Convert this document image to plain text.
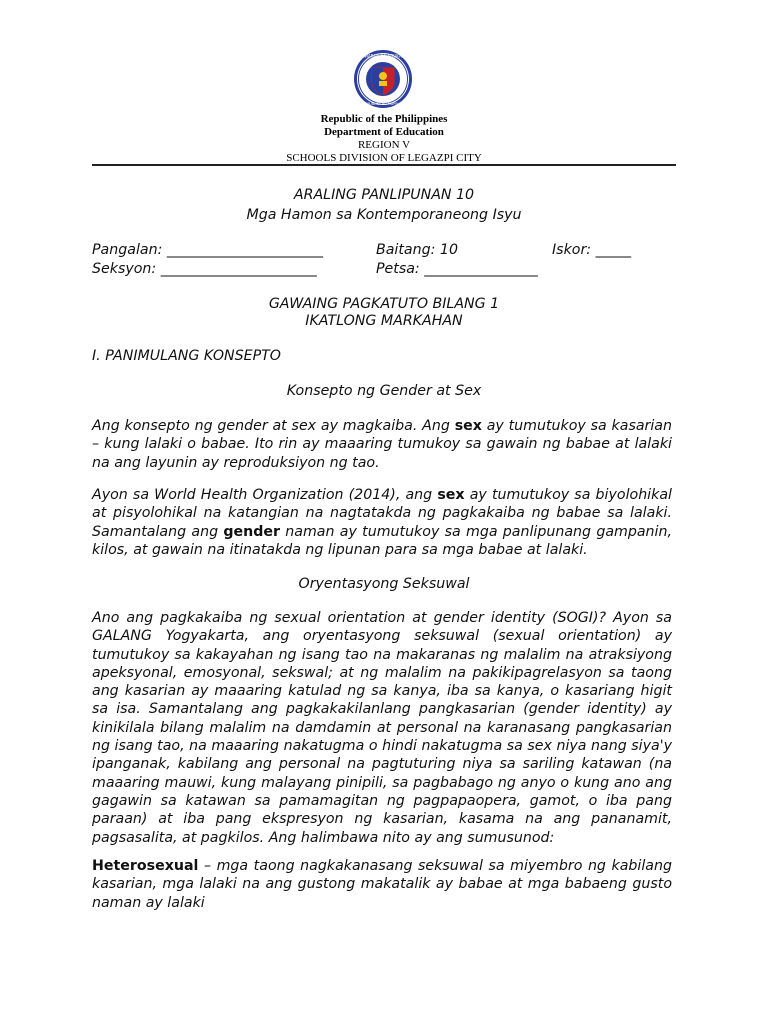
KAGAWARAN NG EDUKASYON
REPUBLIKA NG PILIPINAS
Republic of the Philippines
Department of Education
REGION V
SCHOOLS DIVISION OF LEGAZPI CITY
ARALING PANLIPUNAN 10
Mga Hamon sa Kontemporaneong Isyu
Pangalan: ______________________	Baitang: 10	Iskor: _____
Seksyon: ______________________	Petsa: ________________
GAWAING PAGKATUTO BILANG 1
IKATLONG MARKAHAN
I. PANIMULANG KONSEPTO
Konsepto ng Gender at Sex
Ang konsepto ng gender at sex ay magkaiba. Ang sex ay tumutukoy sa kasarian – kung lalaki o babae. Ito rin ay maaaring tumukoy sa gawain ng babae at lalaki na ang layunin ay reproduksiyon ng tao.
Ayon sa World Health Organization (2014), ang sex ay tumutukoy sa biyolohikal at pisyolohikal na katangian na nagtatakda ng pagkakaiba ng babae sa lalaki. Samantalang ang gender naman ay tumutukoy sa mga panlipunang gampanin, kilos, at gawain na itinatakda ng lipunan para sa mga babae at lalaki.
Oryentasyong Seksuwal
Ano ang pagkakaiba ng sexual orientation at gender identity (SOGI)? Ayon sa GALANG Yogyakarta, ang oryentasyong seksuwal (sexual orientation) ay tumutukoy sa kakayahan ng isang tao na makaranas ng malalim na atraksiyong apeksyonal, emosyonal, sekswal; at ng malalim na pakikipagrelasyon sa taong ang kasarian ay maaaring katulad ng sa kanya, iba sa kanya, o kasariang higit sa isa. Samantalang ang pagkakakilanlang pangkasarian (gender identity) ay kinikilala bilang malalim na damdamin at personal na karanasang pangkasarian ng isang tao, na maaaring nakatugma o hindi nakatugma sa sex niya nang siya'y ipanganak, kabilang ang personal na pagtuturing niya sa sariling katawan (na maaaring mauwi, kung malayang pinipili, sa pagbabago ng anyo o kung ano ang gagawin sa katawan sa pamamagitan ng pagpapaopera, gamot, o iba pang paraan) at iba pang ekspresyon ng kasarian, kasama na ang pananamit, pagsasalita, at pagkilos. Ang halimbawa nito ay ang sumusunod:
Heterosexual – mga taong nagkakanasang seksuwal sa miyembro ng kabilang kasarian, mga lalaki na ang gustong makatalik ay babae at mga babaeng gusto naman ay lalaki
